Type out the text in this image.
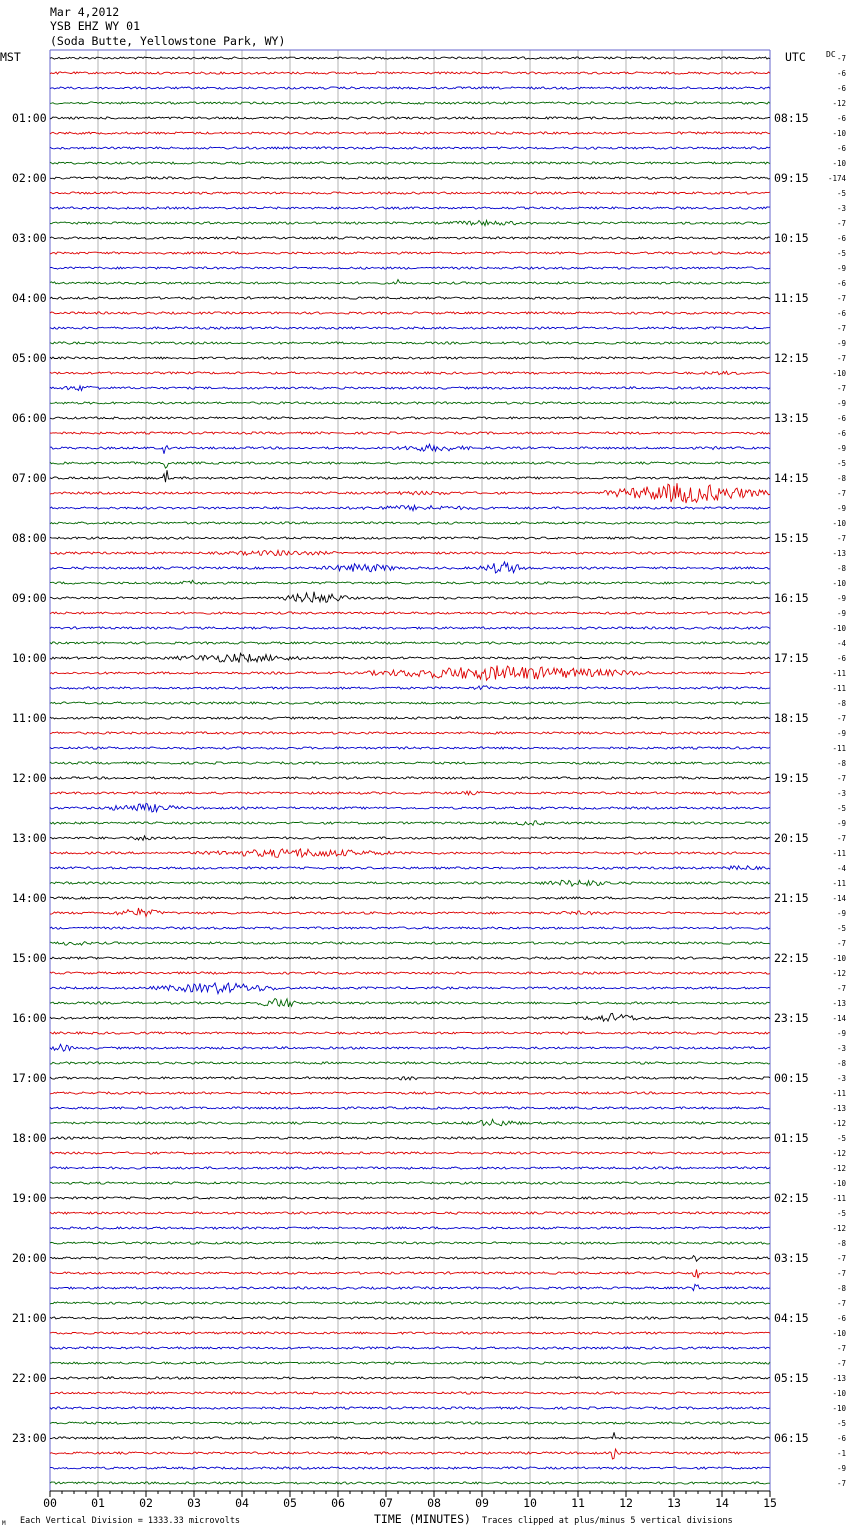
Mar 4,2012
YSB EHZ WY 01
(Soda Butte, Yellowstone Park, WY)
MST	UTC	DC
01:00
02:00
03:00
04:00
05:00
06:00
07:00
08:00
09:00
10:00
11:00
12:00
13:00
14:00
15:00
16:00
17:00
18:00
19:00
20:00
21:00
22:00
23:00
08:15
09:15
10:15
11:15
12:15
13:15
14:15
15:15
16:15
17:15
18:15
19:15
20:15
21:15
22:15
23:15
00:15
01:15
02:15
03:15
04:15
05:15
06:15
-7
-6
-6
-12
-6
-10
-6
-10
-174
-5
-3
-7
-6
-5
-9
-6
-7
-6
-7
-9
-7
-10
-7
-9
-6
-6
-9
-5
-8
-7
-9
-10
-7
-13
-8
-10
-9
-9
-10
-4
-6
-11
-11
-8
-7
-9
-11
-8
-7
-3
-5
-9
-7
-11
-4
-11
-14
-9
-5
-7
-10
-12
-7
-13
-14
-9
-3
-8
-3
-11
-13
-12
-5
-12
-12
-10
-11
-5
-12
-8
-7
-7
-8
-7
-6
-10
-7
-7
-13
-10
-10
-5
-6
-1
-9
-7
00	01	02	03	04	05	06	07	08	09	10	11	12	13	14	15
TIME (MINUTES)
Each Vertical Division = 1333.33 microvolts	Traces clipped at plus/minus 5 vertical divisions
M
